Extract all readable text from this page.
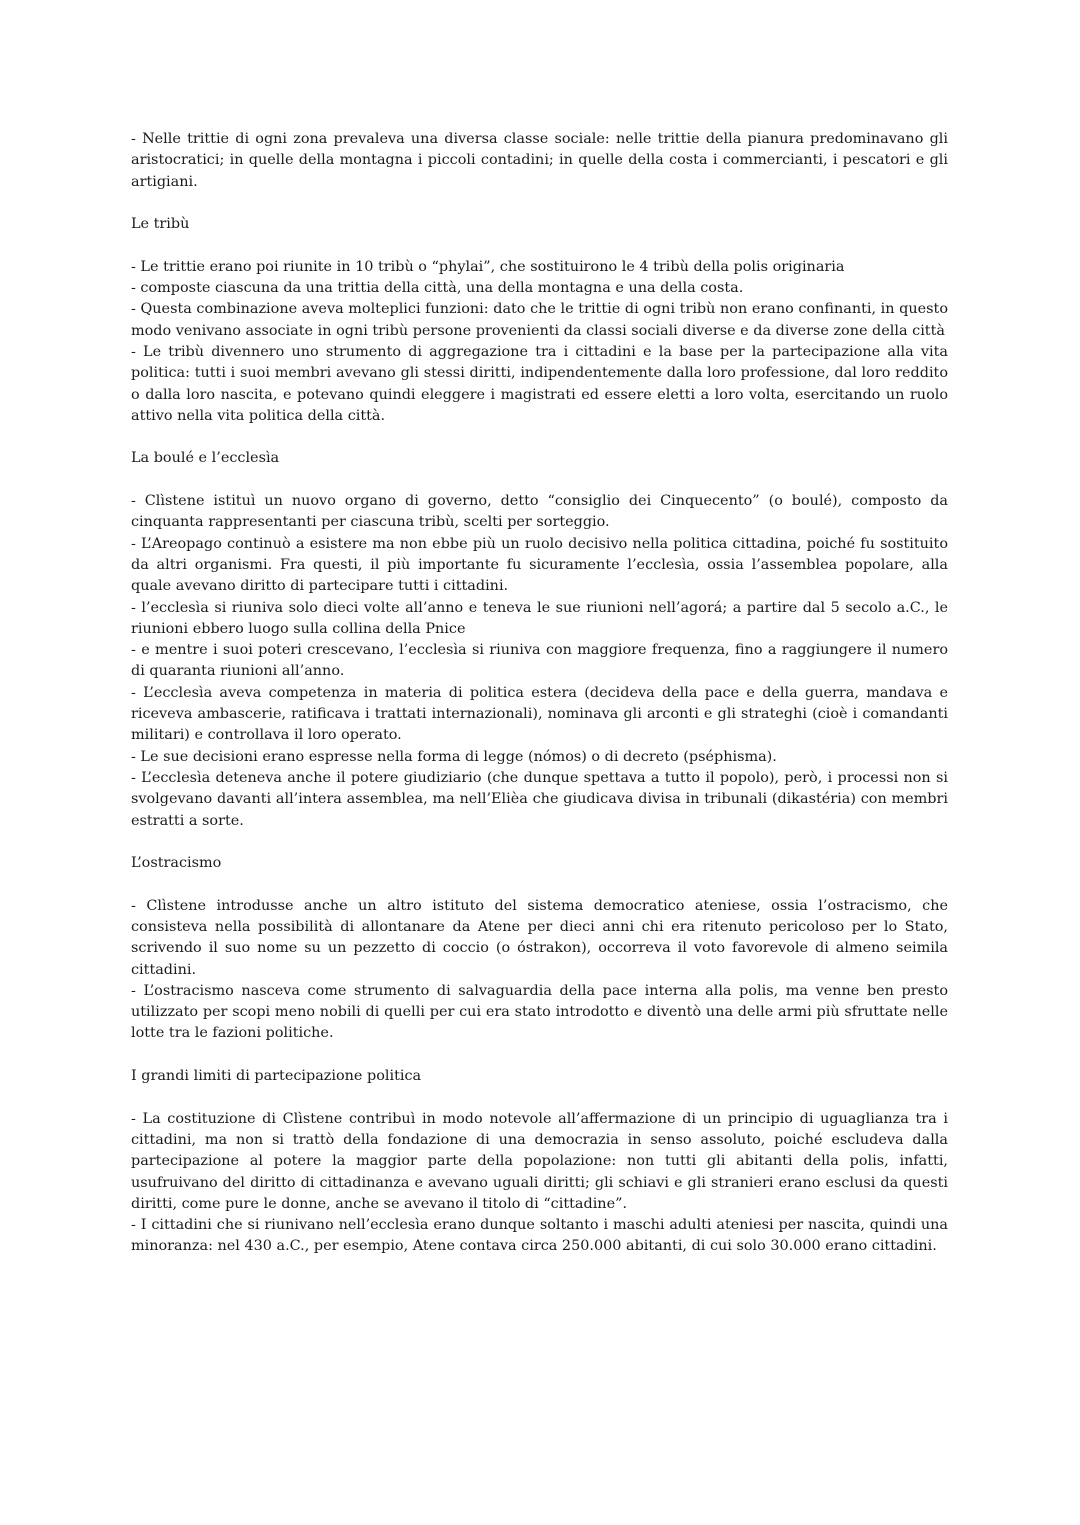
- Nelle trittie di ogni zona prevaleva una diversa classe sociale: nelle trittie della pianura predominavano gli aristocratici; in quelle della montagna i piccoli contadini; in quelle della costa i commercianti, i pescatori e gli artigiani.

Le tribù

- Le trittie erano poi riunite in 10 tribù o “phylai”, che sostituirono le 4 tribù della polis originaria

- composte ciascuna da una trittia della città, una della montagna e una della costa.

- Questa combinazione aveva molteplici funzioni: dato che le trittie di ogni tribù non erano confinanti, in questo modo venivano associate in ogni tribù persone provenienti da classi sociali diverse e da diverse zone della città

- Le tribù divennero uno strumento di aggregazione tra i cittadini e la base per la partecipazione alla vita politica: tutti i suoi membri avevano gli stessi diritti, indipendentemente dalla loro professione, dal loro reddito o dalla loro nascita, e potevano quindi eleggere i magistrati ed essere eletti a loro volta, esercitando un ruolo attivo nella vita politica della città.

La boulé e l’ecclesìa

- Clìstene istituì un nuovo organo di governo, detto “consiglio dei Cinquecento” (o boulé), composto da cinquanta rappresentanti per ciascuna tribù, scelti per sorteggio.

- L’Areopago continuò a esistere ma non ebbe più un ruolo decisivo nella politica cittadina, poiché fu sostituito da altri organismi. Fra questi, il più importante fu sicuramente l’ecclesìa, ossia l’assemblea popolare, alla quale avevano diritto di partecipare tutti i cittadini.

- l’ecclesìa si riuniva solo dieci volte all’anno e teneva le sue riunioni nell’agorá; a partire dal 5 secolo a.C., le riunioni ebbero luogo sulla collina della Pnice

- e mentre i suoi poteri crescevano, l’ecclesìa si riuniva con maggiore frequenza, fino a raggiungere il numero di quaranta riunioni all’anno.

- L’ecclesìa aveva competenza in materia di politica estera (decideva della pace e della guerra, mandava e riceveva ambascerie, ratificava i trattati internazionali), nominava gli arconti e gli strateghi (cioè i comandanti militari) e controllava il loro operato.

- Le sue decisioni erano espresse nella forma di legge (nómos) o di decreto (pséphisma).

- L’ecclesìa deteneva anche il potere giudiziario (che dunque spettava a tutto il popolo), però, i processi non si svolgevano davanti all’intera assemblea, ma nell’Elièa che giudicava divisa in tribunali (dikastéria) con membri estratti a sorte.

L’ostracismo

- Clìstene introdusse anche un altro istituto del sistema democratico ateniese, ossia l’ostracismo, che consisteva nella possibilità di allontanare da Atene per dieci anni chi era ritenuto pericoloso per lo Stato, scrivendo il suo nome su un pezzetto di coccio (o óstrakon), occorreva il voto favorevole di almeno seimila cittadini.

- L’ostracismo nasceva come strumento di salvaguardia della pace interna alla polis, ma venne ben presto utilizzato per scopi meno nobili di quelli per cui era stato introdotto e diventò una delle armi più sfruttate nelle lotte tra le fazioni politiche.

I grandi limiti di partecipazione politica

- La costituzione di Clìstene contribuì in modo notevole all’affermazione di un principio di uguaglianza tra i cittadini, ma non si trattò della fondazione di una democrazia in senso assoluto, poiché escludeva dalla partecipazione al potere la maggior parte della popolazione: non tutti gli abitanti della polis, infatti, usufruivano del diritto di cittadinanza e avevano uguali diritti; gli schiavi e gli stranieri erano esclusi da questi diritti, come pure le donne, anche se avevano il titolo di “cittadine”.

- I cittadini che si riunivano nell’ecclesìa erano dunque soltanto i maschi adulti ateniesi per nascita, quindi una minoranza: nel 430 a.C., per esempio, Atene contava circa 250.000 abitanti, di cui solo 30.000 erano cittadini.
